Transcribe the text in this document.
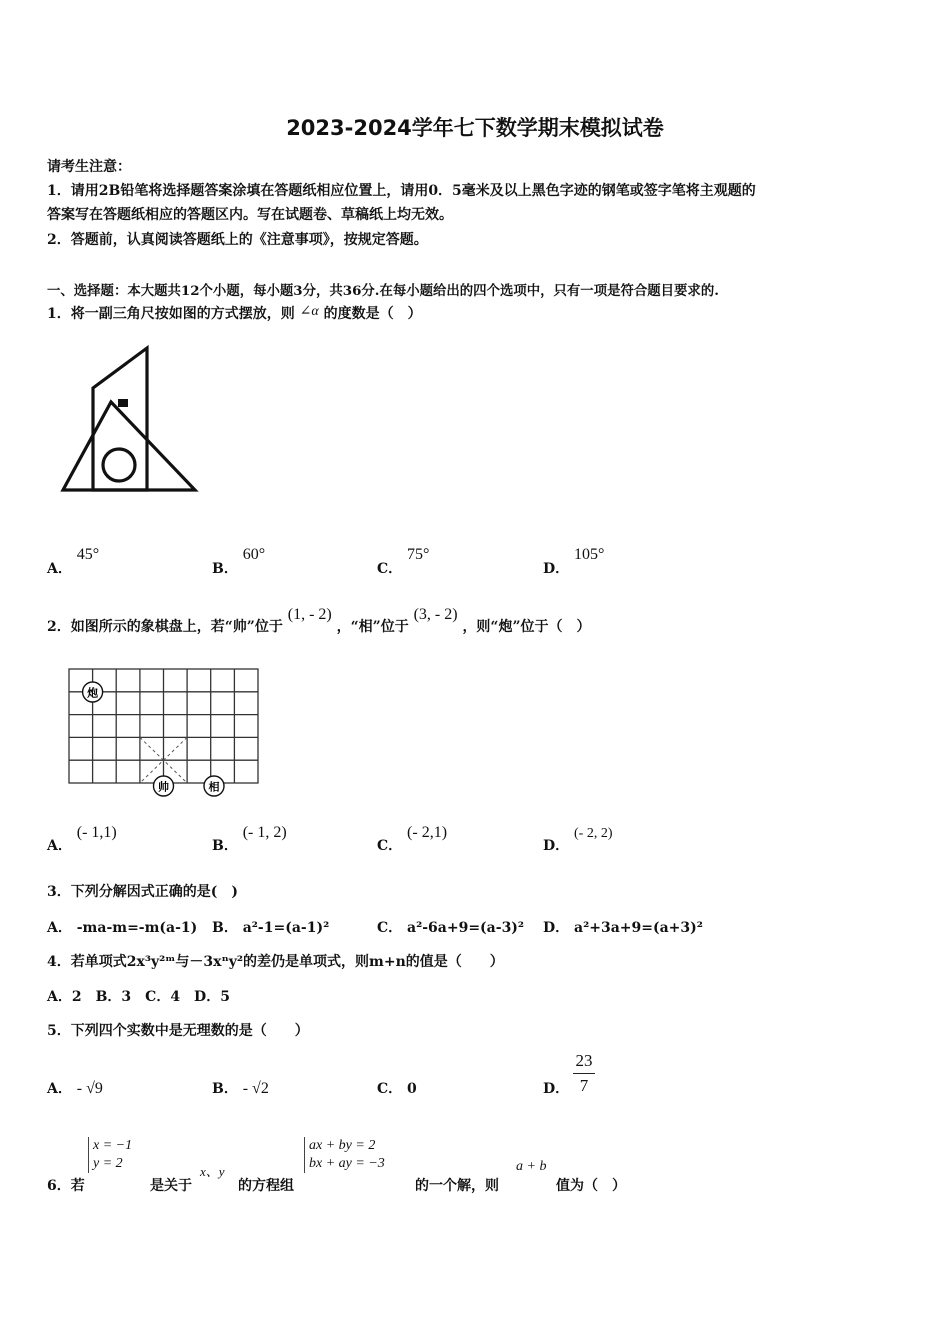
2023-2024学年七下数学期末模拟试卷
请考生注意：
1．请用2B铅笔将选择题答案涂填在答题纸相应位置上，请用0．5毫米及以上黑色字迹的钢笔或签字笔将主观题的
答案写在答题纸相应的答题区内。写在试题卷、草稿纸上均无效。
2．答题前，认真阅读答题纸上的《注意事项》，按规定答题。
一、选择题：本大题共12个小题，每小题3分，共36分.在每小题给出的四个选项中，只有一项是符合题目要求的.
1．将一副三角尺按如图的方式摆放，则 ∠α 的度数是（　）
A． 45°
B． 60°
C． 75°
D． 105°
2．如图所示的象棋盘上，若“帅”位于 (1, - 2) ，“相”位于 (3, - 2) ，则“炮”位于（　）
炮
帅	相
A． (- 1,1)
B． (- 1, 2)
C． (- 2,1)
D． (- 2, 2)
3．下列分解因式正确的是(　)
A． -ma-m=-m(a-1) B． a²-1=(a-1)²	C． a²-6a+9=(a-3)² D． a²+3a+9=(a+3)²
4．若单项式2x³y²ᵐ与－3xⁿy²的差仍是单项式，则m+n的值是（　　）
A．2　B．3　C．4　D．5
5．下列四个实数中是无理数的是（　　）
A． - √9	B． - √2	C． 0	D． $\frac{23}{7}$
6．若
x = −1
y = 2
是关于
x、y
的方程组
ax + by = 2
bx + ay = −3
的一个解，则
a + b
值为（　）
